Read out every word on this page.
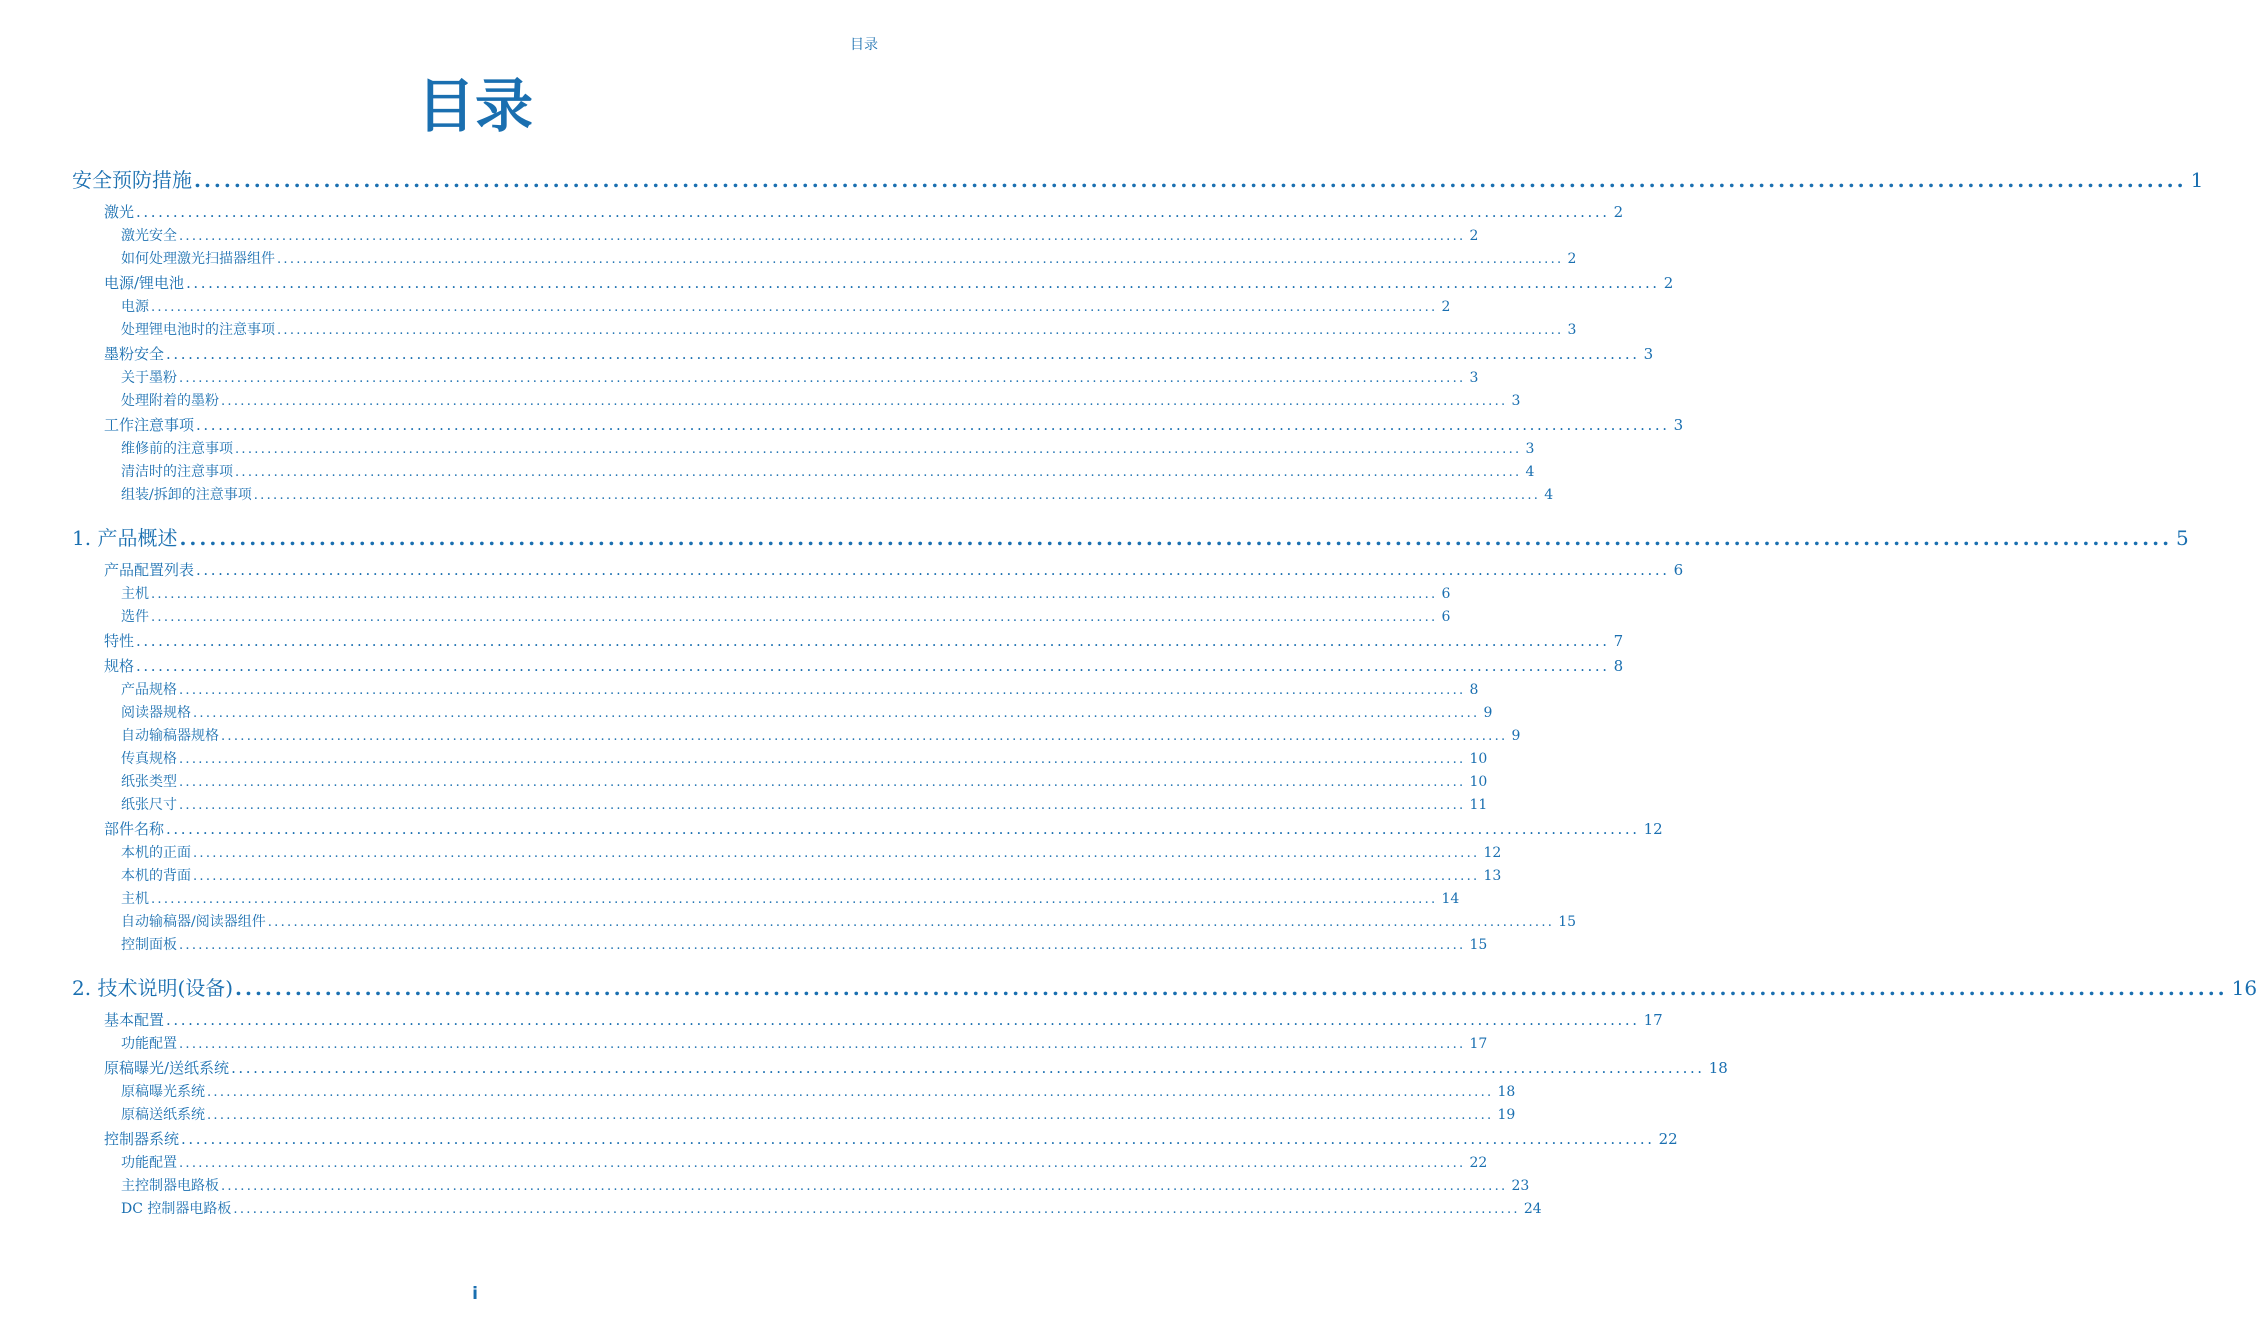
目录
目录
安全预防措施 ........................................................................................................................................................................................................ 1
激光 ........................................................................................................................................................................................................ 2
激光安全 ........................................................................................................................................................................................................ 2
如何处理激光扫描器组件 ........................................................................................................................................................................................................ 2
电源/锂电池 ........................................................................................................................................................................................................ 2
电源 ........................................................................................................................................................................................................ 2
处理锂电池时的注意事项 ........................................................................................................................................................................................................ 3
墨粉安全 ........................................................................................................................................................................................................ 3
关于墨粉 ........................................................................................................................................................................................................ 3
处理附着的墨粉 ........................................................................................................................................................................................................ 3
工作注意事项 ........................................................................................................................................................................................................ 3
维修前的注意事项 ........................................................................................................................................................................................................ 3
清洁时的注意事项 ........................................................................................................................................................................................................ 4
组装/拆卸的注意事项 ........................................................................................................................................................................................................ 4
1. 产品概述 ........................................................................................................................................................................................................ 5
产品配置列表 ........................................................................................................................................................................................................ 6
主机 ........................................................................................................................................................................................................ 6
选件 ........................................................................................................................................................................................................ 6
特性 ........................................................................................................................................................................................................ 7
规格 ........................................................................................................................................................................................................ 8
产品规格 ........................................................................................................................................................................................................ 8
阅读器规格 ........................................................................................................................................................................................................ 9
自动输稿器规格 ........................................................................................................................................................................................................ 9
传真规格 ........................................................................................................................................................................................................ 10
纸张类型 ........................................................................................................................................................................................................ 10
纸张尺寸 ........................................................................................................................................................................................................ 11
部件名称 ........................................................................................................................................................................................................ 12
本机的正面 ........................................................................................................................................................................................................ 12
本机的背面 ........................................................................................................................................................................................................ 13
主机 ........................................................................................................................................................................................................ 14
自动输稿器/阅读器组件 ........................................................................................................................................................................................................ 15
控制面板 ........................................................................................................................................................................................................ 15
2. 技术说明(设备) ........................................................................................................................................................................................................ 16
基本配置 ........................................................................................................................................................................................................ 17
功能配置 ........................................................................................................................................................................................................ 17
原稿曝光/送纸系统 ........................................................................................................................................................................................................ 18
原稿曝光系统 ........................................................................................................................................................................................................ 18
原稿送纸系统 ........................................................................................................................................................................................................ 19
控制器系统 ........................................................................................................................................................................................................ 22
功能配置 ........................................................................................................................................................................................................ 22
主控制器电路板 ........................................................................................................................................................................................................ 23
DC 控制器电路板 ........................................................................................................................................................................................................ 24
i
